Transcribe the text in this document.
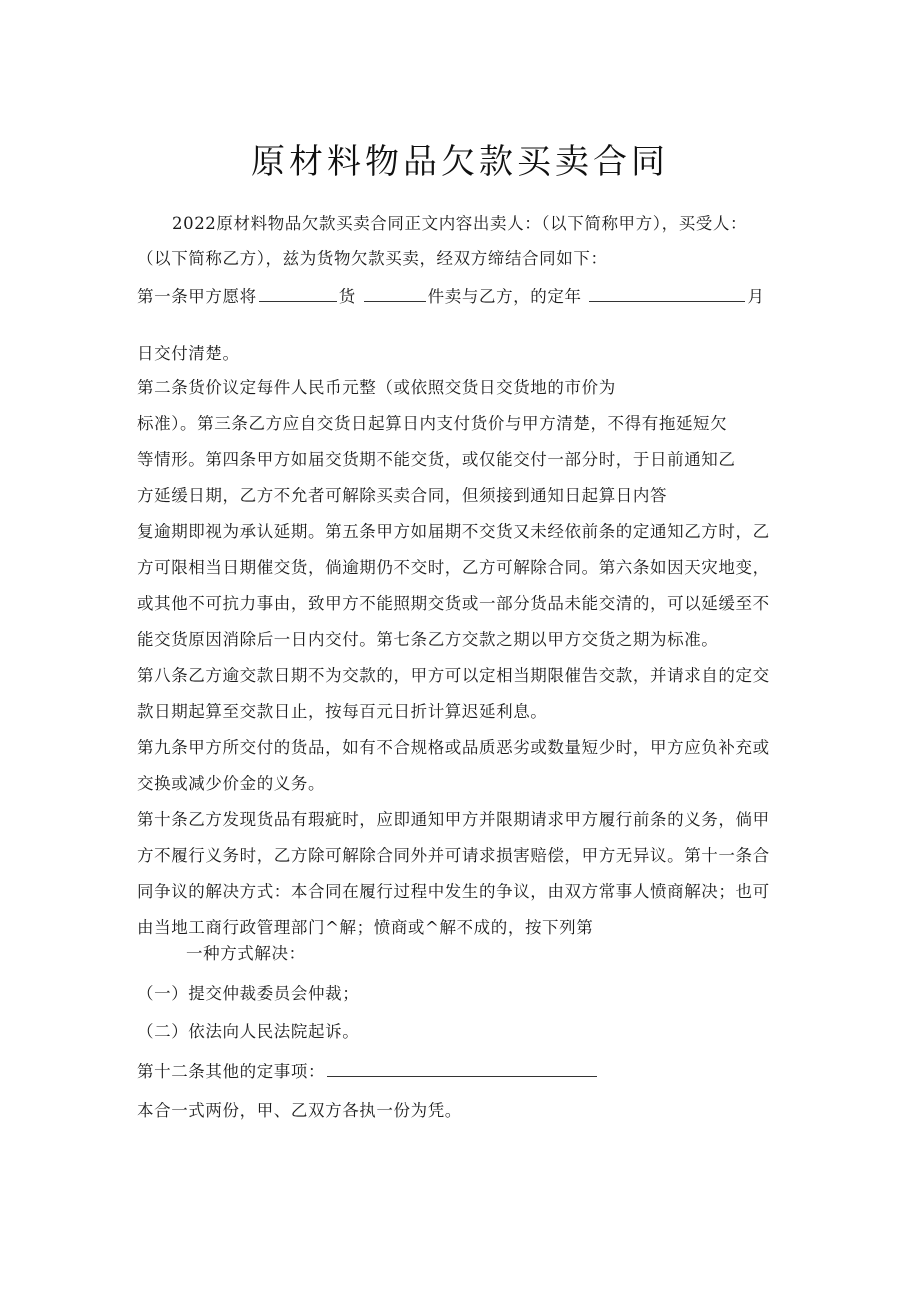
原材料物品欠款买卖合同
2022原材料物品欠款买卖合同正文内容出卖人：（以下简称甲方），买受人：
（以下简称乙方），兹为货物欠款买卖，经双方缔结合同如下：
第一条甲方愿将	货	件卖与乙方，的定年	月
日交付清楚。
第二条货价议定每件人民币元整（或依照交货日交货地的市价为
标准）。第三条乙方应自交货日起算日内支付货价与甲方清楚，不得有拖延短欠
等情形。第四条甲方如届交货期不能交货，或仅能交付一部分时，于日前通知乙
方延缓日期，乙方不允者可解除买卖合同，但须接到通知日起算日内答
复逾期即视为承认延期。第五条甲方如届期不交货又未经依前条的定通知乙方时，乙
方可限相当日期催交货，倘逾期仍不交时，乙方可解除合同。第六条如因天灾地变，
或其他不可抗力事由，致甲方不能照期交货或一部分货品未能交清的，可以延缓至不
能交货原因消除后一日内交付。第七条乙方交款之期以甲方交货之期为标准。
第八条乙方逾交款日期不为交款的，甲方可以定相当期限催告交款，并请求自的定交
款日期起算至交款日止，按每百元日折计算迟延利息。
第九条甲方所交付的货品，如有不合规格或品质恶劣或数量短少时，甲方应负补充或
交换或减少价金的义务。
第十条乙方发现货品有瑕疵时，应即通知甲方并限期请求甲方履行前条的义务，倘甲
方不履行义务时，乙方除可解除合同外并可请求损害赔偿，甲方无异议。第十一条合
同争议的解决方式：本合同在履行过程中发生的争议，由双方常事人愤商解决；也可
由当地工商行政管理部门^解；愤商或^解不成的，按下列第
一种方式解决：
（一）提交仲裁委员会仲裁；
（二）依法向人民法院起诉。
第十二条其他的定事项：
本合一式两份，甲、乙双方各执一份为凭。
